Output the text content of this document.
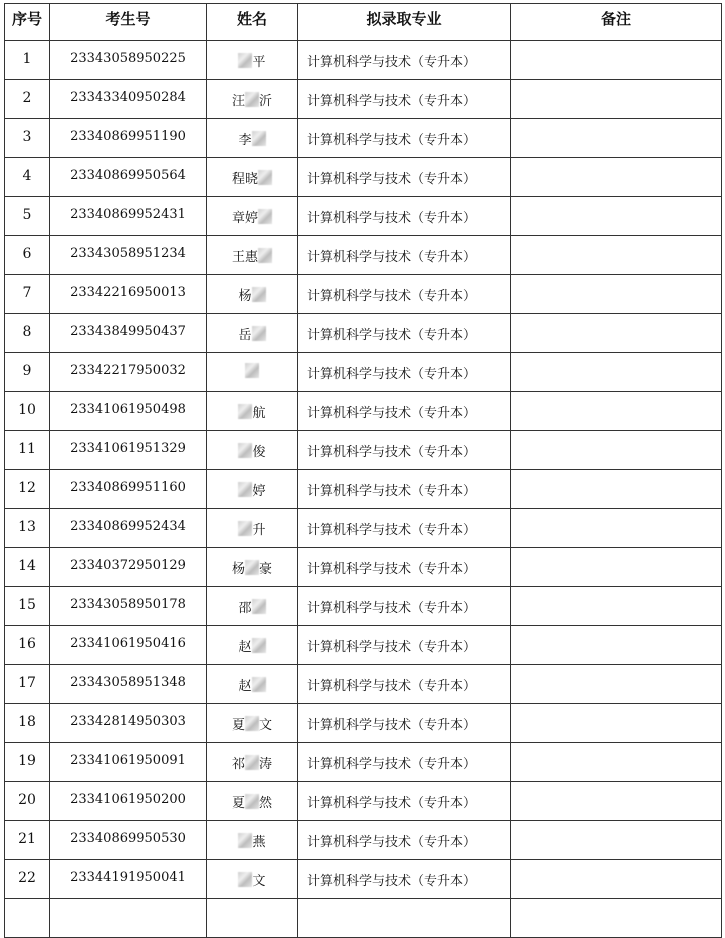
序号	考生号	姓名	拟录取专业	备注
1	23343058950225	平	计算机科学与技术（专升本）	
2	23343340950284	汪 沂	计算机科学与技术（专升本）	
3	23340869951190	李	计算机科学与技术（专升本）	
4	23340869950564	程晓	计算机科学与技术（专升本）	
5	23340869952431	章婷	计算机科学与技术（专升本）	
6	23343058951234	王惠	计算机科学与技术（专升本）	
7	23342216950013	杨	计算机科学与技术（专升本）	
8	23343849950437	岳	计算机科学与技术（专升本）	
9	23342217950032		计算机科学与技术（专升本）	
10	23341061950498	航	计算机科学与技术（专升本）	
11	23341061951329	俊	计算机科学与技术（专升本）	
12	23340869951160	婷	计算机科学与技术（专升本）	
13	23340869952434	升	计算机科学与技术（专升本）	
14	23340372950129	杨 豪	计算机科学与技术（专升本）	
15	23343058950178	邵	计算机科学与技术（专升本）	
16	23341061950416	赵	计算机科学与技术（专升本）	
17	23343058951348	赵	计算机科学与技术（专升本）	
18	23342814950303	夏 文	计算机科学与技术（专升本）	
19	23341061950091	祁 涛	计算机科学与技术（专升本）	
20	23341061950200	夏 然	计算机科学与技术（专升本）	
21	23340869950530	燕	计算机科学与技术（专升本）	
22	23344191950041	文	计算机科学与技术（专升本）	
